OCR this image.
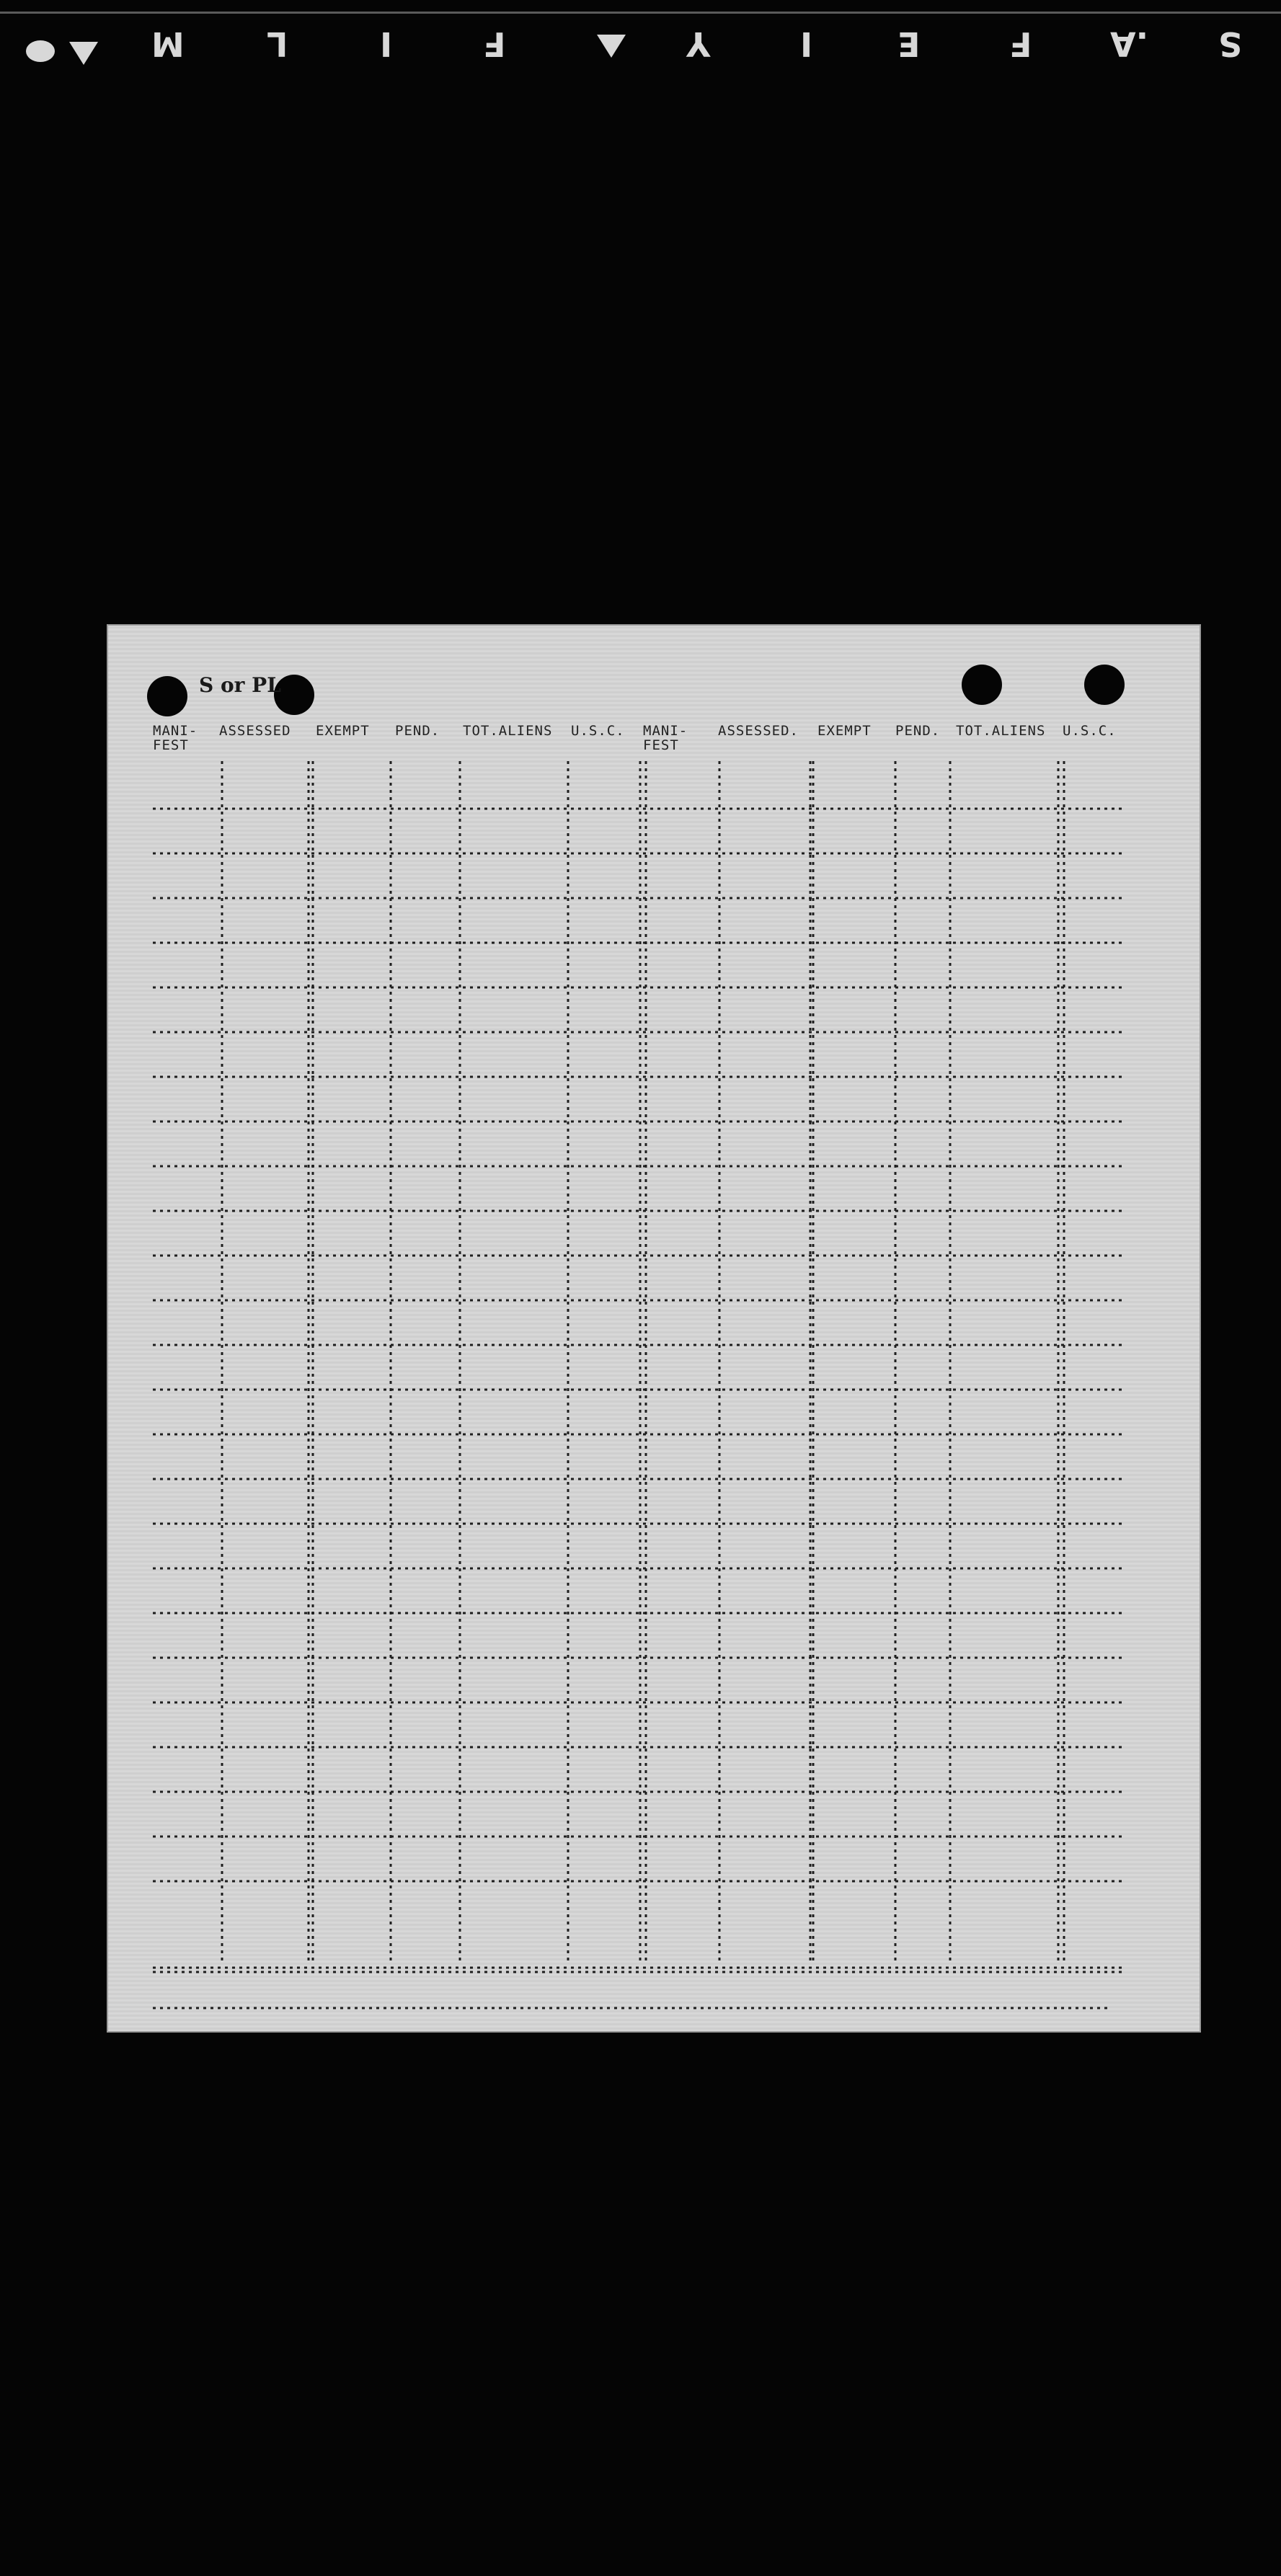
S
.A
F
E
I
Y
F
I
L
M
S or PL
MANI-
FEST
ASSESSED EXEMPT PEND. TOT.ALIENS U.S.C. MANI-
FEST
ASSESSED. EXEMPT PEND. TOT.ALIENS U.S.C.
